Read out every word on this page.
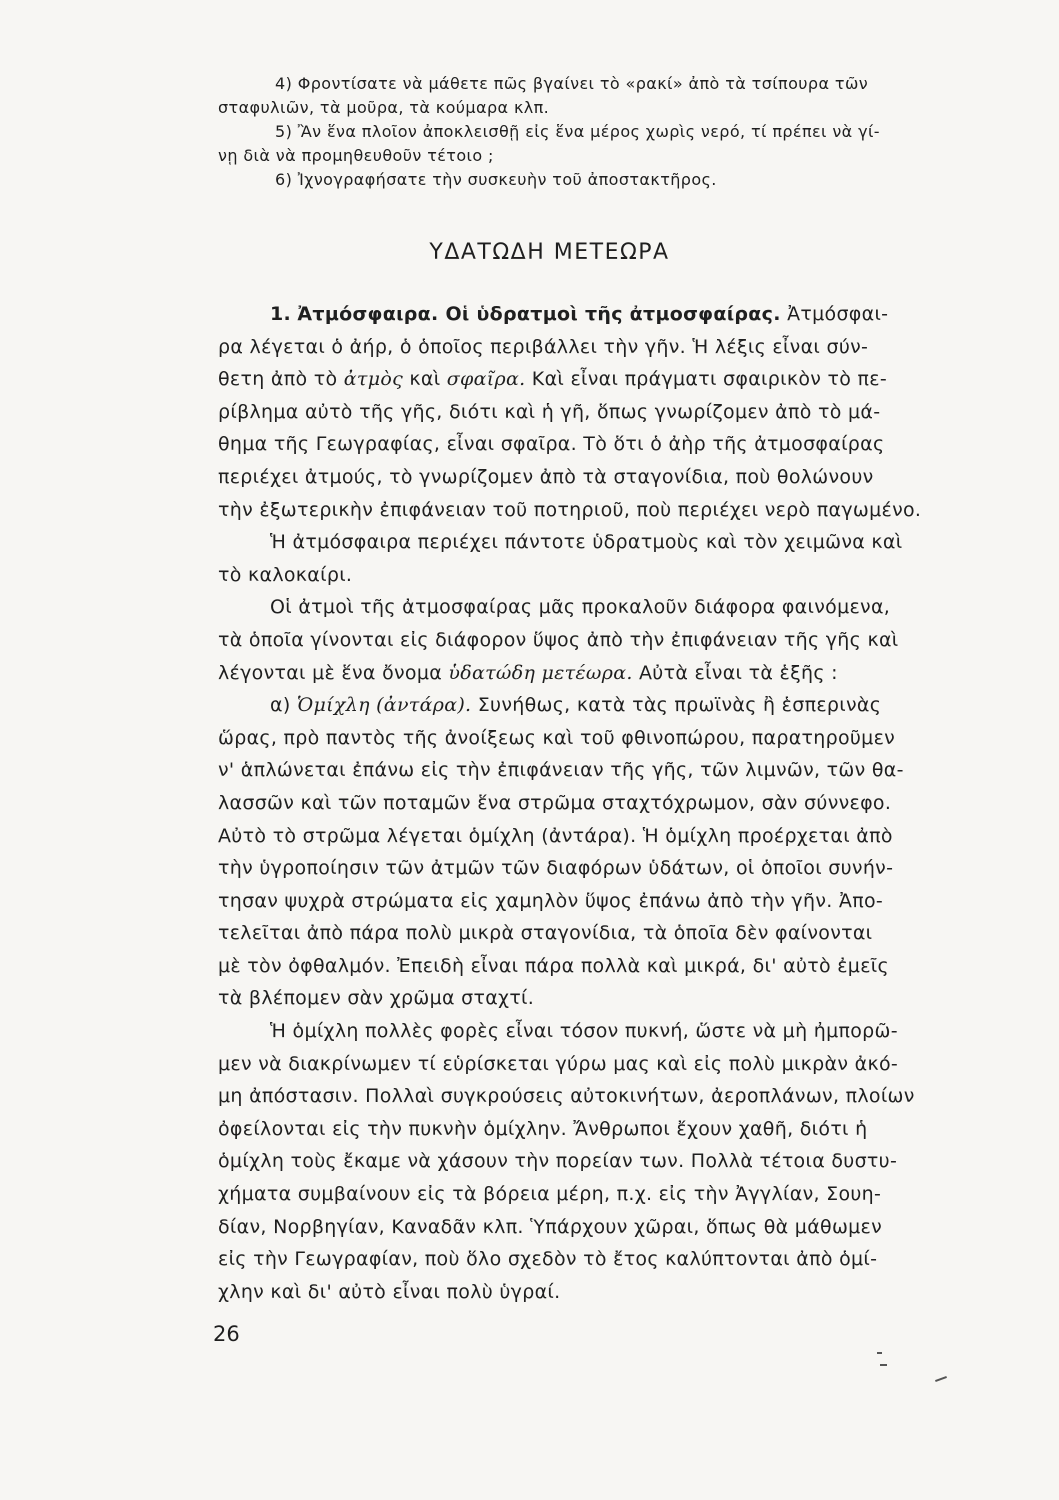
4) Φροντίσατε νὰ μάθετε πῶς βγαίνει τὸ «ρακί» ἀπὸ τὰ τσίπουρα τῶν
σταφυλιῶν, τὰ μοῦρα, τὰ κούμαρα κλπ.
5) Ἂν ἕνα πλοῖον ἀποκλεισθῇ εἰς ἕνα μέρος χωρὶς νερό, τί πρέπει νὰ γί-
νῃ διὰ νὰ προμηθευθοῦν τέτοιο ;
6) Ἰχνογραφήσατε τὴν συσκευὴν τοῦ ἀποστακτῆρος.
ΥΔΑΤΩΔΗ ΜΕΤΕΩΡΑ
1. Ἀτμόσφαιρα. Οἱ ὑδρατμοὶ τῆς ἀτμοσφαίρας. Ἀτμόσφαι-
ρα λέγεται ὁ ἀήρ, ὁ ὁποῖος περιβάλλει τὴν γῆν. Ἡ λέξις εἶναι σύν-
θετη ἀπὸ τὸ ἀτμὸς καὶ σφαῖρα. Καὶ εἶναι πράγματι σφαιρικὸν τὸ πε-
ρίβλημα αὐτὸ τῆς γῆς, διότι καὶ ἡ γῆ, ὅπως γνωρίζομεν ἀπὸ τὸ μά-
θημα τῆς Γεωγραφίας, εἶναι σφαῖρα. Τὸ ὅτι ὁ ἀὴρ τῆς ἀτμοσφαίρας
περιέχει ἀτμούς, τὸ γνωρίζομεν ἀπὸ τὰ σταγονίδια, ποὺ θολώνουν
τὴν ἐξωτερικὴν ἐπιφάνειαν τοῦ ποτηριοῦ, ποὺ περιέχει νερὸ παγωμένο.
Ἡ ἀτμόσφαιρα περιέχει πάντοτε ὑδρατμοὺς καὶ τὸν χειμῶνα καὶ
τὸ καλοκαίρι.
Οἱ ἀτμοὶ τῆς ἀτμοσφαίρας μᾶς προκαλοῦν διάφορα φαινόμενα,
τὰ ὁποῖα γίνονται εἰς διάφορον ὕψος ἀπὸ τὴν ἐπιφάνειαν τῆς γῆς καὶ
λέγονται μὲ ἕνα ὄνομα ὑδατώδη μετέωρα. Αὐτὰ εἶναι τὰ ἑξῆς :
α) Ὁμίχλη (ἀντάρα). Συνήθως, κατὰ τὰς πρωϊνὰς ἢ ἑσπερινὰς
ὥρας, πρὸ παντὸς τῆς ἀνοίξεως καὶ τοῦ φθινοπώρου, παρατηροῦμεν
ν' ἁπλώνεται ἐπάνω εἰς τὴν ἐπιφάνειαν τῆς γῆς, τῶν λιμνῶν, τῶν θα-
λασσῶν καὶ τῶν ποταμῶν ἕνα στρῶμα σταχτόχρωμον, σὰν σύννεφο.
Αὐτὸ τὸ στρῶμα λέγεται ὁμίχλη (ἀντάρα). Ἡ ὁμίχλη προέρχεται ἀπὸ
τὴν ὑγροποίησιν τῶν ἀτμῶν τῶν διαφόρων ὑδάτων, οἱ ὁποῖοι συνήν-
τησαν ψυχρὰ στρώματα εἰς χαμηλὸν ὕψος ἐπάνω ἀπὸ τὴν γῆν. Ἀπο-
τελεῖται ἀπὸ πάρα πολὺ μικρὰ σταγονίδια, τὰ ὁποῖα δὲν φαίνονται
μὲ τὸν ὀφθαλμόν. Ἐπειδὴ εἶναι πάρα πολλὰ καὶ μικρά, δι' αὐτὸ ἐμεῖς
τὰ βλέπομεν σὰν χρῶμα σταχτί.
Ἡ ὁμίχλη πολλὲς φορὲς εἶναι τόσον πυκνή, ὥστε νὰ μὴ ἠμπορῶ-
μεν νὰ διακρίνωμεν τί εὑρίσκεται γύρω μας καὶ εἰς πολὺ μικρὰν ἀκό-
μη ἀπόστασιν. Πολλαὶ συγκρούσεις αὐτοκινήτων, ἀεροπλάνων, πλοίων
ὀφείλονται εἰς τὴν πυκνὴν ὁμίχλην. Ἄνθρωποι ἔχουν χαθῆ, διότι ἡ
ὁμίχλη τοὺς ἔκαμε νὰ χάσουν τὴν πορείαν των. Πολλὰ τέτοια δυστυ-
χήματα συμβαίνουν εἰς τὰ βόρεια μέρη, π.χ. εἰς τὴν Ἀγγλίαν, Σουη-
δίαν, Νορβηγίαν, Καναδᾶν κλπ. Ὑπάρχουν χῶραι, ὅπως θὰ μάθωμεν
εἰς τὴν Γεωγραφίαν, ποὺ ὅλο σχεδὸν τὸ ἔτος καλύπτονται ἀπὸ ὁμί-
χλην καὶ δι' αὐτὸ εἶναι πολὺ ὑγραί.
26
